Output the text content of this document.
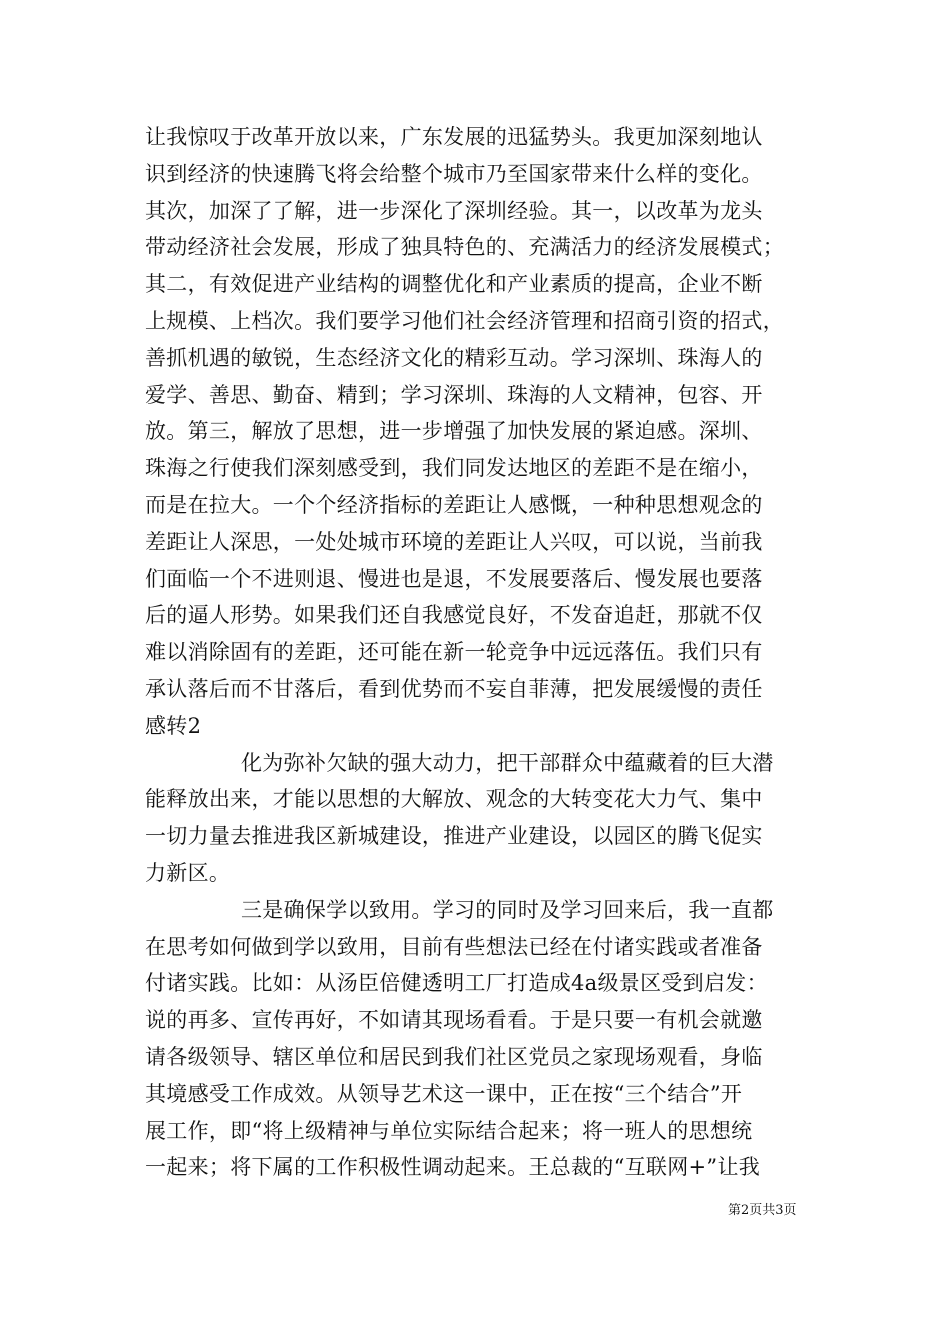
让我惊叹于改革开放以来，广东发展的迅猛势头。我更加深刻地认
识到经济的快速腾飞将会给整个城市乃至国家带来什么样的变化。
其次，加深了了解，进一步深化了深圳经验。其一，以改革为龙头
带动经济社会发展，形成了独具特色的、充满活力的经济发展模式；
其二，有效促进产业结构的调整优化和产业素质的提高，企业不断
上规模、上档次。我们要学习他们社会经济管理和招商引资的招式，
善抓机遇的敏锐，生态经济文化的精彩互动。学习深圳、珠海人的
爱学、善思、勤奋、精到；学习深圳、珠海的人文精神，包容、开
放。第三，解放了思想，进一步增强了加快发展的紧迫感。深圳、
珠海之行使我们深刻感受到，我们同发达地区的差距不是在缩小，
而是在拉大。一个个经济指标的差距让人感慨，一种种思想观念的
差距让人深思，一处处城市环境的差距让人兴叹，可以说，当前我
们面临一个不进则退、慢进也是退，不发展要落后、慢发展也要落
后的逼人形势。如果我们还自我感觉良好，不发奋追赶，那就不仅
难以消除固有的差距，还可能在新一轮竞争中远远落伍。我们只有
承认落后而不甘落后，看到优势而不妄自菲薄，把发展缓慢的责任
感转2
化为弥补欠缺的强大动力，把干部群众中蕴藏着的巨大潜
能释放出来，才能以思想的大解放、观念的大转变花大力气、集中
一切力量去推进我区新城建设，推进产业建设，以园区的腾飞促实
力新区。
三是确保学以致用。学习的同时及学习回来后，我一直都
在思考如何做到学以致用，目前有些想法已经在付诸实践或者准备
付诸实践。比如：从汤臣倍健透明工厂打造成4a级景区受到启发：
说的再多、宣传再好，不如请其现场看看。于是只要一有机会就邀
请各级领导、辖区单位和居民到我们社区党员之家现场观看，身临
其境感受工作成效。从领导艺术这一课中，正在按“三个结合”开
展工作，即“将上级精神与单位实际结合起来；将一班人的思想统
一起来；将下属的工作积极性调动起来。王总裁的“互联网+”让我
第2页共3页
